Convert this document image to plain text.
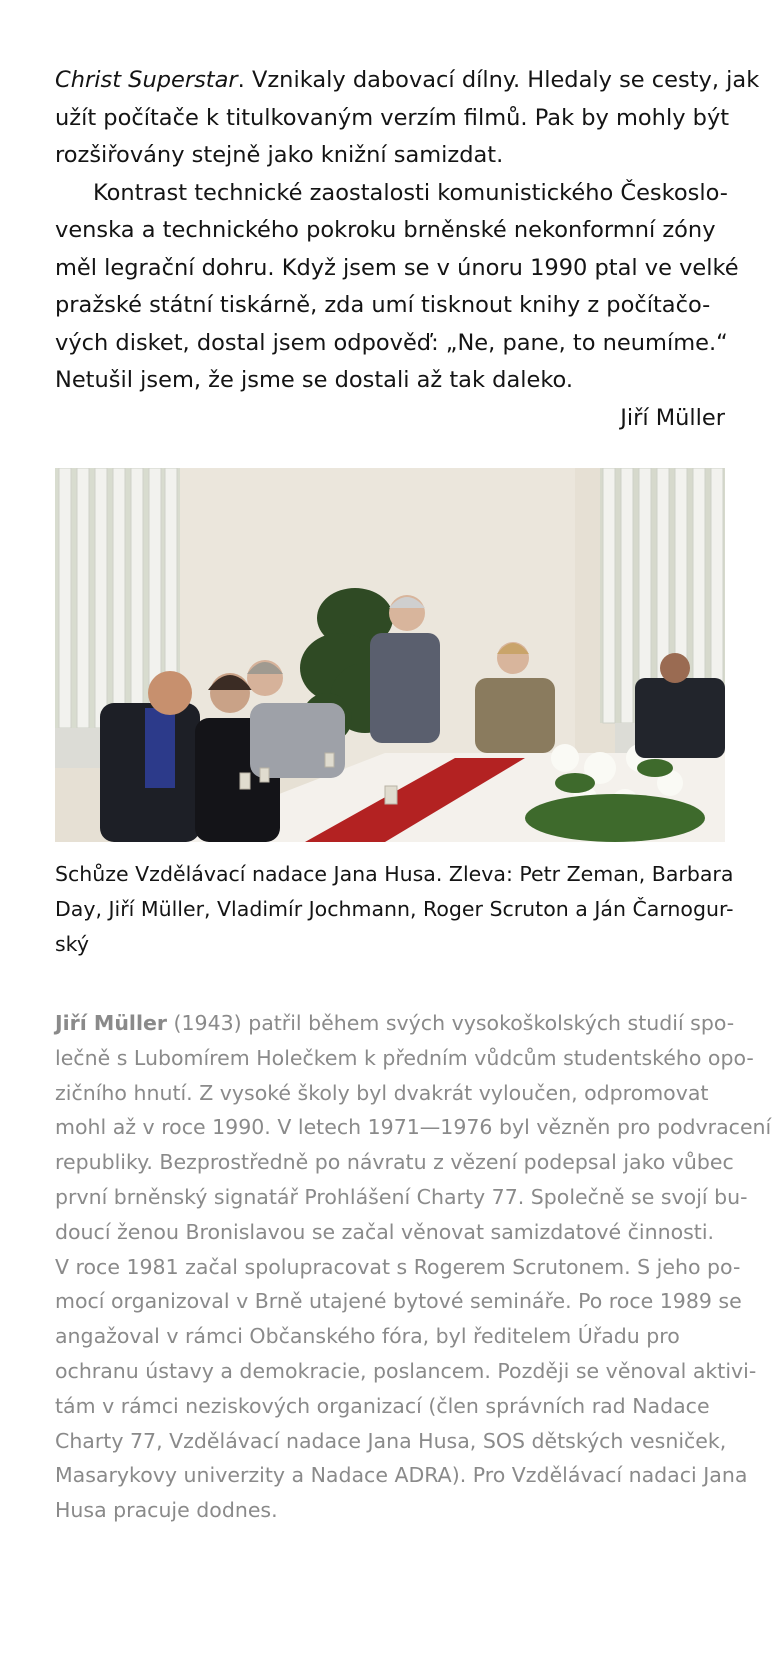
Christ Superstar. Vznikaly dabovací dílny. Hledaly se cesty, jak
užít počítače k titulkovaným verzím filmů. Pak by mohly být
rozšiřovány stejně jako knižní samizdat.

Kontrast technické zaostalosti komunistického Českoslo-
venska a technického pokroku brněnské nekonformní zóny
měl legrační dohru. Když jsem se v únoru 1990 ptal ve velké
pražské státní tiskárně, zda umí tisknout knihy z počítačo-
vých disket, dostal jsem odpověď: „Ne, pane, to neumíme.“
Netušil jsem, že jsme se dostali až tak daleko.

Jiří Müller

Schůze Vzdělávací nadace Jana Husa. Zleva: Petr Zeman, Barbara
Day, Jiří Müller, Vladimír Jochmann, Roger Scruton a Ján Čarnogur-
ský

Jiří Müller (1943) patřil během svých vysokoškolských studií spo-
lečně s Lubomírem Holečkem k předním vůdcům studentského opo-
zičního hnutí. Z vysoké školy byl dvakrát vyloučen, odpromovat
mohl až v roce 1990. V letech 1971—1976 byl vězněn pro podvracení
republiky. Bezprostředně po návratu z vězení podepsal jako vůbec
první brněnský signatář Prohlášení Charty 77. Společně se svojí bu-
doucí ženou Bronislavou se začal věnovat samizdatové činnosti.
V roce 1981 začal spolupracovat s Rogerem Scrutonem. S jeho po-
mocí organizoval v Brně utajené bytové semináře. Po roce 1989 se
angažoval v rámci Občanského fóra, byl ředitelem Úřadu pro
ochranu ústavy a demokracie, poslancem. Později se věnoval aktivi-
tám v rámci neziskových organizací (člen správních rad Nadace
Charty 77, Vzdělávací nadace Jana Husa, SOS dětských vesniček,
Masarykovy univerzity a Nadace ADRA). Pro Vzdělávací nadaci Jana
Husa pracuje dodnes.
